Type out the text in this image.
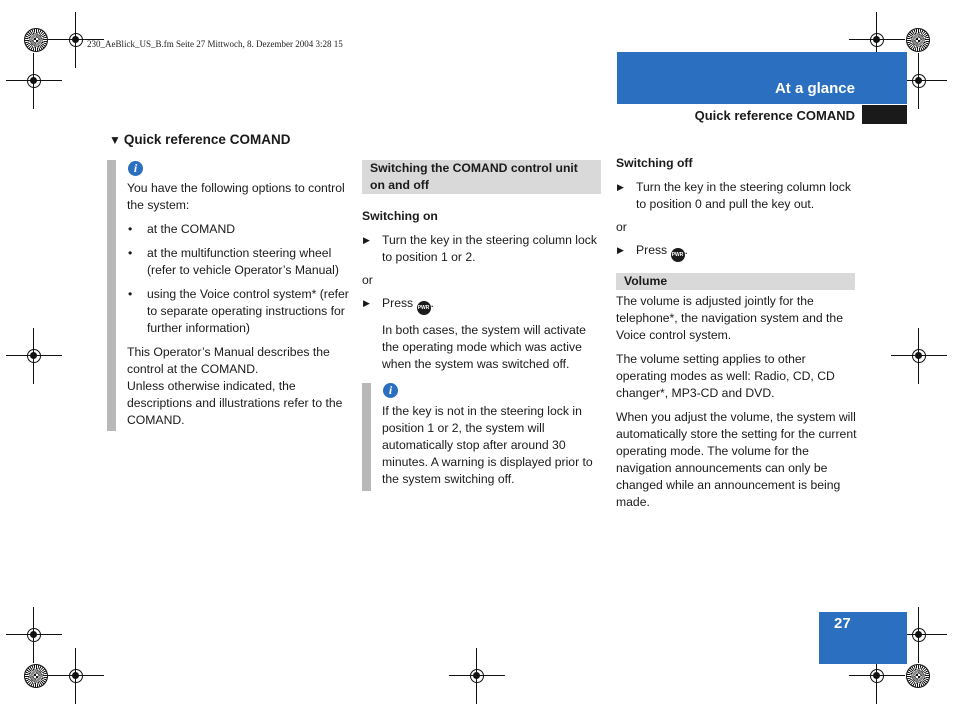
230_AeBlick_US_B.fm Seite 27 Mittwoch, 8. Dezember 2004 3:28 15
At a glance
Quick reference COMAND
▼ Quick reference COMAND
i

You have the following options to control the system:

• at the COMAND

• at the multifunction steering wheel (refer to vehicle Operator’s Manual)

• using the Voice control system* (refer to separate operating instructions for further information)

This Operator’s Manual describes the control at the COMAND.

Unless otherwise indicated, the descriptions and illustrations refer to the COMAND.

Switching the COMAND control unit on and off

Switching on

▶ Turn the key in the steering column lock to position 1 or 2.

or

▶ Press PWR.

In both cases, the system will activate the operating mode which was active when the system was switched off.

i
If the key is not in the steering lock in position 1 or 2, the system will automatically stop after around 30 minutes. A warning is displayed prior to the system switching off.

Switching off

▶ Turn the key in the steering column lock to position 0 and pull the key out.

or

▶ Press PWR.

Volume

The volume is adjusted jointly for the telephone*, the navigation system and the Voice control system.

The volume setting applies to other operating modes as well: Radio, CD, CD changer*, MP3-CD and DVD.

When you adjust the volume, the system will automatically store the setting for the current operating mode. The volume for the navigation announcements can only be changed while an announcement is being made.

27
